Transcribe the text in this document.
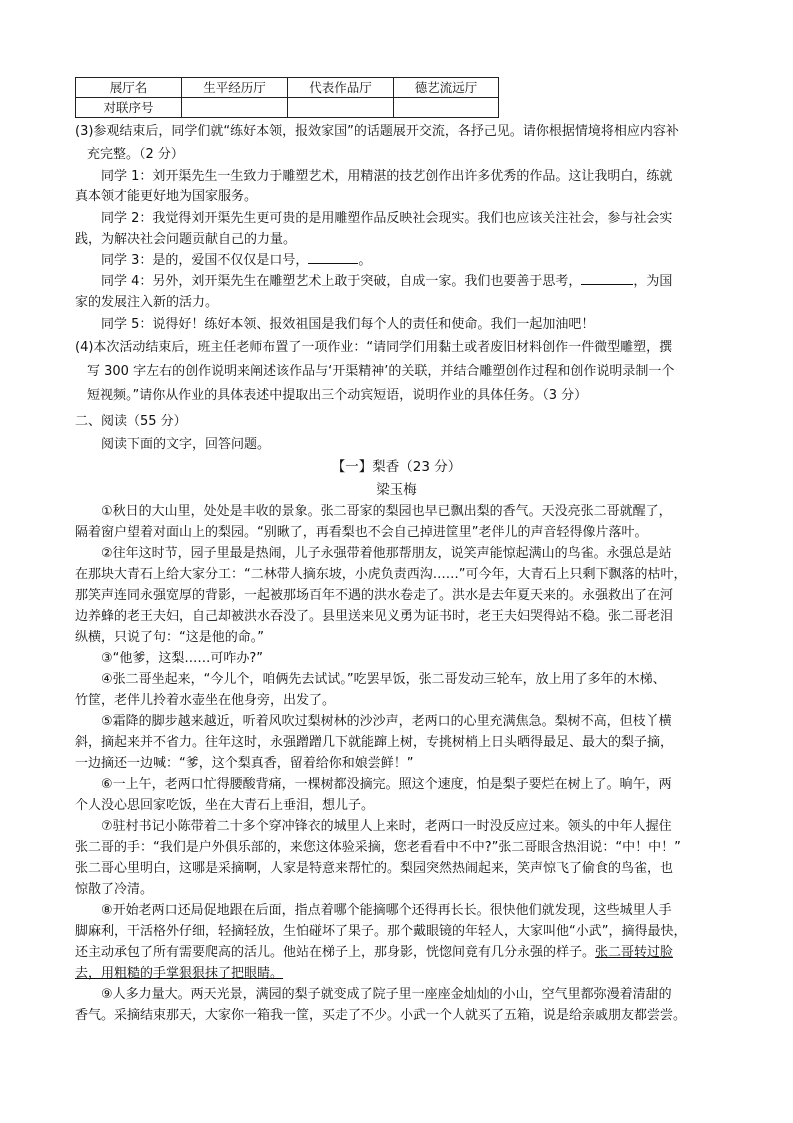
展厅名	生平经历厅	代表作品厅	德艺流远厅
对联序号			
(3)参观结束后，同学们就“练好本领，报效家国”的话题展开交流，各抒己见。请你根据情境将相应内容补
充完整。（2 分）
同学 1：刘开渠先生一生致力于雕塑艺术，用精湛的技艺创作出许多优秀的作品。这让我明白，练就
真本领才能更好地为国家服务。
同学 2：我觉得刘开渠先生更可贵的是用雕塑作品反映社会现实。我们也应该关注社会，参与社会实
践，为解决社会问题贡献自己的力量。
同学 3：是的，爱国不仅仅是口号，	。
同学 4：另外，刘开渠先生在雕塑艺术上敢于突破，自成一家。我们也要善于思考，	，为国
家的发展注入新的活力。
同学 5：说得好！练好本领、报效祖国是我们每个人的责任和使命。我们一起加油吧！
(4)本次活动结束后，班主任老师布置了一项作业：“请同学们用黏土或者废旧材料创作一件微型雕塑，撰
写 300 字左右的创作说明来阐述该作品与‘开渠精神’的关联，并结合雕塑创作过程和创作说明录制一个
短视频。”请你从作业的具体表述中提取出三个动宾短语，说明作业的具体任务。（3 分）
二、阅读（55 分）
阅读下面的文字，回答问题。
【一】梨香（23 分）
梁玉梅
①秋日的大山里，处处是丰收的景象。张二哥家的梨园也早已飘出梨的香气。天没亮张二哥就醒了，
隔着窗户望着对面山上的梨园。“别瞅了，再看梨也不会自己掉进筐里”老伴儿的声音轻得像片落叶。
②往年这时节，园子里最是热闹，儿子永强带着他那帮朋友，说笑声能惊起满山的鸟雀。永强总是站
在那块大青石上给大家分工：“二林带人摘东坡，小虎负责西沟……”可今年，大青石上只剩下飘落的枯叶，
那笑声连同永强宽厚的背影，一起被那场百年不遇的洪水卷走了。洪水是去年夏天来的。永强救出了在河
边养蜂的老王夫妇，自己却被洪水吞没了。县里送来见义勇为证书时，老王夫妇哭得站不稳。张二哥老泪
纵横，只说了句：“这是他的命。”
③“他爹，这梨……可咋办?”
④张二哥坐起来，“今儿个，咱俩先去试试。”吃罢早饭，张二哥发动三轮车，放上用了多年的木梯、
竹筐，老伴儿拎着水壶坐在他身旁，出发了。
⑤霜降的脚步越来越近，听着风吹过梨树林的沙沙声，老两口的心里充满焦急。梨树不高，但枝丫横
斜，摘起来并不省力。往年这时，永强蹭蹭几下就能蹿上树，专挑树梢上日头晒得最足、最大的梨子摘，
一边摘还一边喊：“爹，这个梨真香，留着给你和娘尝鲜！”
⑥一上午，老两口忙得腰酸背痛，一棵树都没摘完。照这个速度，怕是梨子要烂在树上了。晌午，两
个人没心思回家吃饭，坐在大青石上垂泪，想儿子。
⑦驻村书记小陈带着二十多个穿冲锋衣的城里人上来时，老两口一时没反应过来。领头的中年人握住
张二哥的手：“我们是户外俱乐部的，来您这体验采摘，您老看看中不中?”张二哥眼含热泪说：“中！中！”
张二哥心里明白，这哪是采摘啊，人家是特意来帮忙的。梨园突然热闹起来，笑声惊飞了偷食的鸟雀，也
惊散了冷清。
⑧开始老两口还局促地跟在后面，指点着哪个能摘哪个还得再长长。很快他们就发现，这些城里人手
脚麻利，干活格外仔细，轻摘轻放，生怕碰坏了果子。那个戴眼镜的年轻人，大家叫他“小武”，摘得最快，
还主动承包了所有需要爬高的活儿。他站在梯子上，那身影，恍惚间竟有几分永强的样子。张二哥转过脸
去，用粗糙的手掌狠狠抹了把眼睛。
⑨人多力量大。两天光景，满园的梨子就变成了院子里一座座金灿灿的小山，空气里都弥漫着清甜的
香气。采摘结束那天，大家你一箱我一筐，买走了不少。小武一个人就买了五箱，说是给亲戚朋友都尝尝。
